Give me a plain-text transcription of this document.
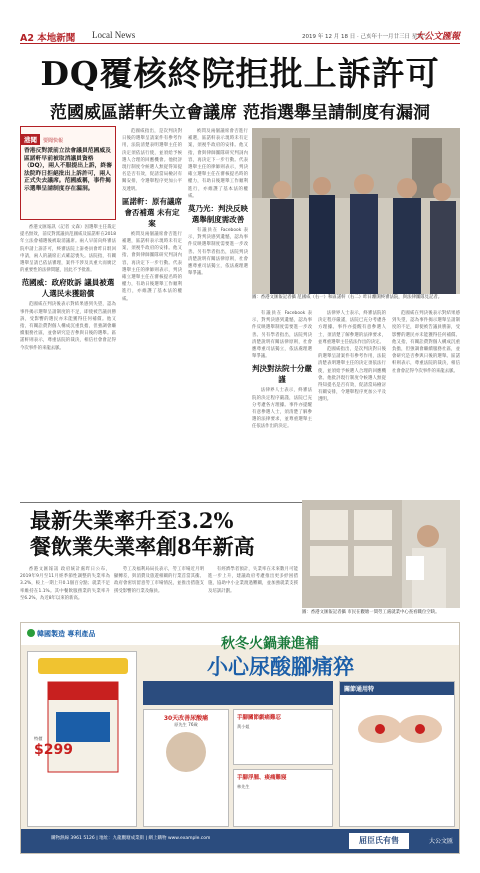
A2 本地新聞 Local News	2019 年 12 月 18 日 · 己亥年十一月廿三日 星期三
大公文匯報
DQ覆核終院拒批上訴許可
范國威區諾軒失立會議席 范指選舉呈請制度有漏洞
港聞 要聞快報
香港反對派前立法會議員范國威及區諾軒早前被取消議員資格（DQ），兩人不服提出上訴，終審法院昨日拒絕批出上訴許可，兩人正式失去議席。范國威稱，事件揭示選舉呈請制度存在漏洞。

香港文匯報訊（記者 文森）因選舉主任裁定提名無效，前反對派議員范國威及區諾軒在2018年立法會補選後被取消議席。兩人早前向終審法院申請上訴許可，終審法院上訴委員會昨日駁回申請，兩人的議席正式確認喪失。法院指，有關選舉呈請已依法審理，案件不涉及具重大而廣泛的重要性的法律問題，因此不予批准。

范國威：政府敗訴 議員被選人選民未獲賠償

范國威在判決後表示對結果感到失望，認為事件揭示選舉呈請制度的不足，即使被告議員勝訴，受影響的選民亦未能獲得任何補償。他又指，有關訟費對個人構成沉重負擔，但強調會繼續服務社區，並會研究是否參與日後的選舉。區諾軒則表示，尊重法院的裁決，相信社會會記得今次事件的來龍去脈。

范國威指出，是次判決對日後的選舉呈請案件有參考作用，法院清楚表明選舉主任的決定須依法行使，並須給予候選人合理的回應機會。他批評現行制度令候選人無從得知提名是否有效，促請當局檢討有關安排，令選舉程序更加公平及透明。

區諾軒：原有議席會否補選 未有定案

被問及兩個議席會否進行補選，區諾軒表示現時未有定案，須視乎政府的安排。他又指，會與律師團隊研究判詞內容，再決定下一步行動。代表選舉主任的律師則表示，判決確立選舉主任在審核提名時的權力，有助日後選舉工作順利進行，亦維護了基本法的權威。

被問及兩個議席會否進行補選，區諾軒表示現時未有定案，須視乎政府的安排。他又指，會與律師團隊研究判詞內容，再決定下一步行動。代表選舉主任的律師則表示，判決確立選舉主任在審核提名時的權力，有助日後選舉工作順利進行，亦維護了基本法的權威。

莫乃光：判決反映選舉制度需改善

有議員在 Facebook 表示，對判決感到遺憾，認為事件反映選舉制度需要進一步改善。另有學者指出，法院判決清楚說明有關法律原則，社會應尊重司法獨立，依法處理選舉爭議。

圖：香港文匯報記者攝 范國威（右一）和區諾軒（右二）昨日離開終審法院，與法律團隊見記者。

有議員在 Facebook 表示，對判決感到遺憾，認為事件反映選舉制度需要進一步改善。另有學者指出，法院判決清楚說明有關法律原則，社會應尊重司法獨立，依法處理選舉爭議。

判決對法院十分嚴謹

法律界人士表示，終審法院的決定程序嚴謹，法院已充分考慮各方理據。事件亦提醒有意參選人士，須清楚了解參選的法律要求，並尊重選舉主任依法作出的決定。

法律界人士表示，終審法院的決定程序嚴謹，法院已充分考慮各方理據。事件亦提醒有意參選人士，須清楚了解參選的法律要求，並尊重選舉主任依法作出的決定。

范國威指出，是次判決對日後的選舉呈請案件有參考作用，法院清楚表明選舉主任的決定須依法行使，並須給予候選人合理的回應機會。他批評現行制度令候選人無從得知提名是否有效，促請當局檢討有關安排，令選舉程序更加公平及透明。

范國威在判決後表示對結果感到失望，認為事件揭示選舉呈請制度的不足，即使被告議員勝訴，受影響的選民亦未能獲得任何補償。他又指，有關訟費對個人構成沉重負擔，但強調會繼續服務社區，並會研究是否參與日後的選舉。區諾軒則表示，尊重法院的裁決，相信社會會記得今次事件的來龍去脈。

最新失業率升至3.2%
餐飲業失業率創8年新高

香港文匯報訊 政府統計處昨日公布，2019年9月至11月經季節性調整的失業率為3.2%，較上一期上升0.1個百分點；就業不足率維持在1.1%。其中餐飲服務業的失業率升至6.2%，為近8年以來的新高。

勞工及福利局局長表示，勞工市場近月明顯轉差，與消費及旅遊相關的行業首當其衝。政府會密切留意勞工市場情況，並推出措施支援受影響的行業及僱員。

有經濟學者預計，失業率在未來數月可能進一步上升，建議政府考慮推出更多紓困措施，協助中小企業渡過難關，並加強就業支援及培訓計劃。

圖：香港文匯報記者攝 市民在觀塘一間勞工處就業中心查看職位空缺。
韓國製造 專利產品
秋冬火鍋兼進補
小心尿酸腳痛猝
特價
$299
30天改善尿酸痛
原先生 76歲
手腳關節劇痛難忍
黃小姐
手腳浮腫、痠痛難寢
林先生
關節通用特
購物熱線 3961 5126 | 地址：九龍觀塘成業街 | 網上購物 www.example.com	屈臣氏有售	大公文匯
